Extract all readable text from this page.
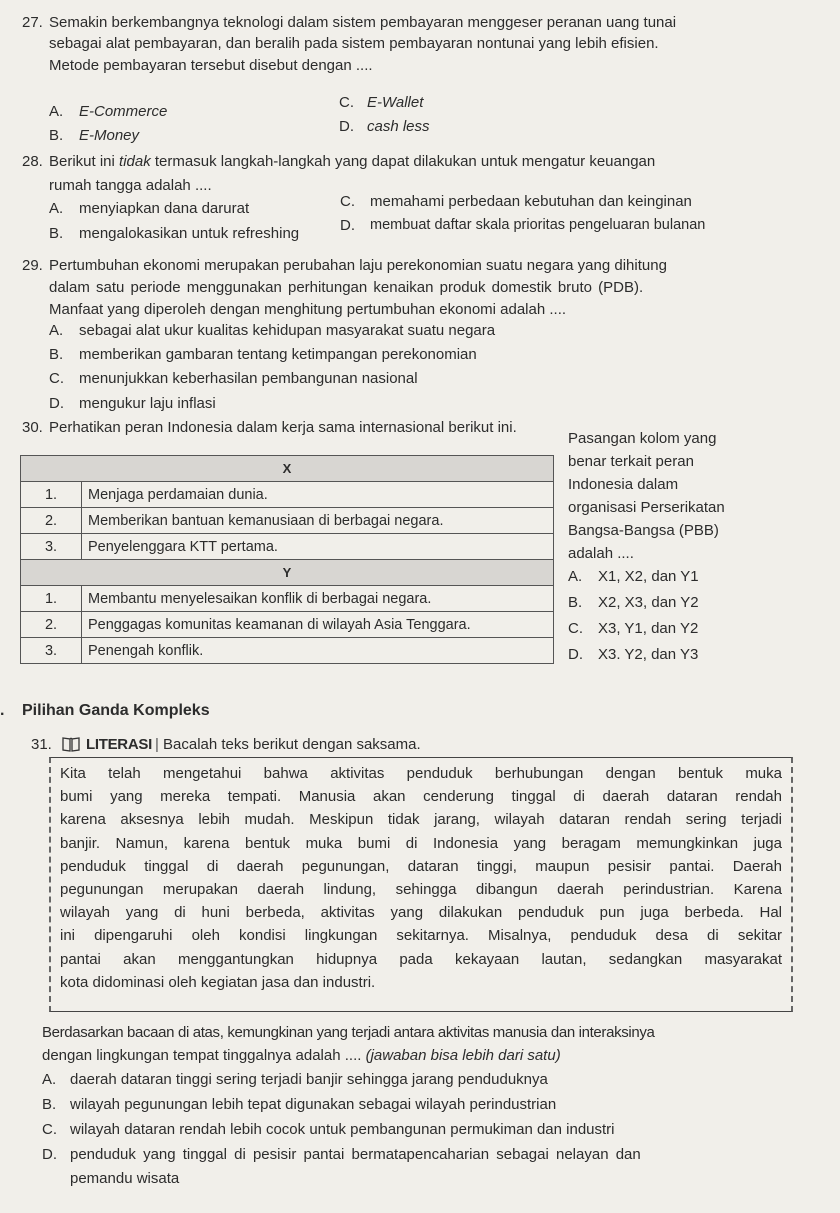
27. Semakin berkembangnya teknologi dalam sistem pembayaran menggeser peranan uang tunai
sebagai alat pembayaran, dan beralih pada sistem pembayaran nontunai yang lebih efisien.
Metode pembayaran tersebut disebut dengan ....
A. E-Commerce
B. E-Money
C. E-Wallet
D. cash less
28. Berikut ini tidak termasuk langkah-langkah yang dapat dilakukan untuk mengatur keuangan
rumah tangga adalah ....
A. menyiapkan dana darurat
B. mengalokasikan untuk refreshing
C. memahami perbedaan kebutuhan dan keinginan
D. membuat daftar skala prioritas pengeluaran bulanan
29. Pertumbuhan ekonomi merupakan perubahan laju perekonomian suatu negara yang dihitung
dalam satu periode menggunakan perhitungan kenaikan produk domestik bruto (PDB).
Manfaat yang diperoleh dengan menghitung pertumbuhan ekonomi adalah ....
A. sebagai alat ukur kualitas kehidupan masyarakat suatu negara
B. memberikan gambaran tentang ketimpangan perekonomian
C. menunjukkan keberhasilan pembangunan nasional
D. mengukur laju inflasi
30. Perhatikan peran Indonesia dalam kerja sama internasional berikut ini.
X	
1.	Menjaga perdamaian dunia.
2.	Memberikan bantuan kemanusiaan di berbagai negara.
3.	Penyelenggara KTT pertama.
Y	
1.	Membantu menyelesaikan konflik di berbagai negara.
2.	Penggagas komunitas keamanan di wilayah Asia Tenggara.
3.	Penengah konflik.
Pasangan kolom yang
benar terkait peran
Indonesia dalam
organisasi Perserikatan
Bangsa-Bangsa (PBB)
adalah ....
A. X1, X2, dan Y1
B. X2, X3, dan Y2
C. X3, Y1, dan Y2
D. X3. Y2, dan Y3
. Pilihan Ganda Kompleks
31. LITERASI | Bacalah teks berikut dengan saksama.
Kita telah mengetahui bahwa aktivitas penduduk berhubungan dengan bentuk muka
bumi yang mereka tempati. Manusia akan cenderung tinggal di daerah dataran rendah
karena aksesnya lebih mudah. Meskipun tidak jarang, wilayah dataran rendah sering terjadi
banjir. Namun, karena bentuk muka bumi di Indonesia yang beragam memungkinkan juga
penduduk tinggal di daerah pegunungan, dataran tinggi, maupun pesisir pantai. Daerah
pegunungan merupakan daerah lindung, sehingga dibangun daerah perindustrian. Karena
wilayah yang di huni berbeda, aktivitas yang dilakukan penduduk pun juga berbeda. Hal
ini dipengaruhi oleh kondisi lingkungan sekitarnya. Misalnya, penduduk desa di sekitar
pantai akan menggantungkan hidupnya pada kekayaan lautan, sedangkan masyarakat
kota didominasi oleh kegiatan jasa dan industri.
Berdasarkan bacaan di atas, kemungkinan yang terjadi antara aktivitas manusia dan interaksinya
dengan lingkungan tempat tinggalnya adalah .... (jawaban bisa lebih dari satu)
A. daerah dataran tinggi sering terjadi banjir sehingga jarang penduduknya
B. wilayah pegunungan lebih tepat digunakan sebagai wilayah perindustrian
C. wilayah dataran rendah lebih cocok untuk pembangunan permukiman dan industri
D. penduduk yang tinggal di pesisir pantai bermatapencaharian sebagai nelayan dan
pemandu wisata
